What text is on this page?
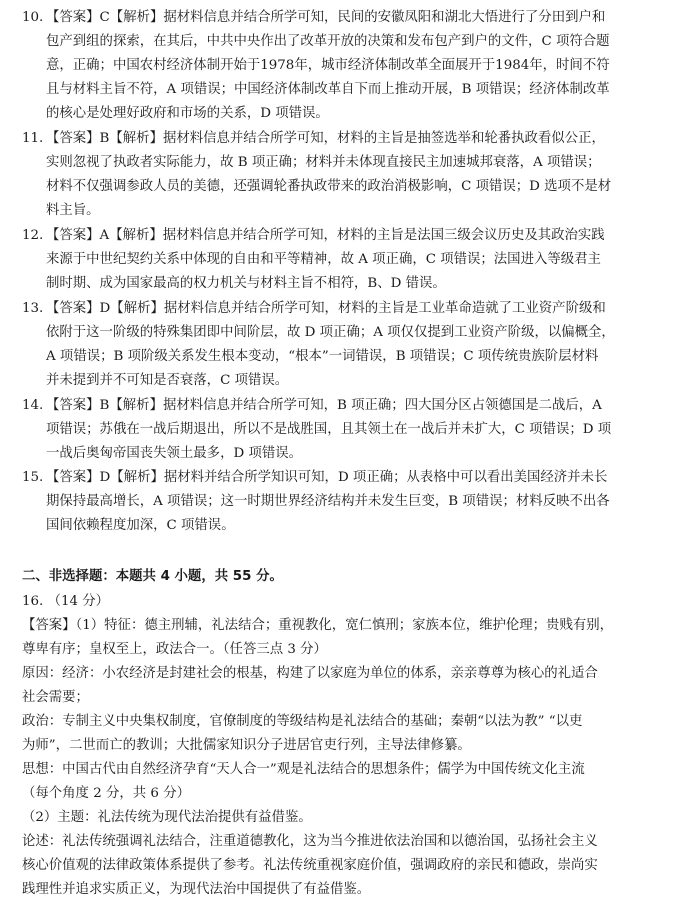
10. 【答案】C【解析】据材料信息并结合所学可知，民间的安徽凤阳和湖北大悟进行了分田到户和
包产到组的探索，在其后，中共中央作出了改革开放的决策和发布包产到户的文件，C 项符合题
意，正确；中国农村经济体制开始于1978年，城市经济体制改革全面展开于1984年，时间不符
且与材料主旨不符，A 项错误；中国经济体制改革自下而上推动开展，B 项错误；经济体制改革
的核心是处理好政府和市场的关系，D 项错误。
11. 【答案】B【解析】据材料信息并结合所学可知，材料的主旨是抽签选举和轮番执政看似公正，
实则忽视了执政者实际能力，故 B 项正确；材料并未体现直接民主加速城邦衰落，A 项错误；
材料不仅强调参政人员的美德，还强调轮番执政带来的政治消极影响，C 项错误；D 选项不是材
料主旨。
12. 【答案】A【解析】据材料信息并结合所学可知，材料的主旨是法国三级会议历史及其政治实践
来源于中世纪契约关系中体现的自由和平等精神，故 A 项正确，C 项错误；法国进入等级君主
制时期、成为国家最高的权力机关与材料主旨不相符，B、D 错误。
13. 【答案】D【解析】据材料信息并结合所学可知，材料的主旨是工业革命造就了工业资产阶级和
依附于这一阶级的特殊集团即中间阶层，故 D 项正确；A 项仅仅提到工业资产阶级，以偏概全，
A 项错误；B 项阶级关系发生根本变动，“根本”一词错误，B 项错误；C 项传统贵族阶层材料
并未提到并不可知是否衰落，C 项错误。
14. 【答案】B【解析】据材料信息并结合所学可知，B 项正确；四大国分区占领德国是二战后，A
项错误；苏俄在一战后期退出，所以不是战胜国，且其领土在一战后并未扩大，C 项错误；D 项
一战后奥匈帝国丧失领土最多，D 项错误。
15. 【答案】D【解析】据材料并结合所学知识可知，D 项正确；从表格中可以看出美国经济并未长
期保持最高增长，A 项错误；这一时期世界经济结构并未发生巨变，B 项错误；材料反映不出各
国间依赖程度加深，C 项错误。
二、非选择题：本题共 4 小题，共 55 分。
16. （14 分）
【答案】（1）特征：德主刑辅，礼法结合；重视教化，宽仁慎刑；家族本位，维护伦理；贵贱有别，
尊卑有序；皇权至上，政法合一。（任答三点 3 分）
原因：经济：小农经济是封建社会的根基，构建了以家庭为单位的体系，亲亲尊尊为核心的礼适合
社会需要；
政治：专制主义中央集权制度，官僚制度的等级结构是礼法结合的基础；秦朝“以法为教” “以吏
为师”，二世而亡的教训；大批儒家知识分子进居官吏行列，主导法律修纂。
思想：中国古代由自然经济孕育“天人合一”观是礼法结合的思想条件；儒学为中国传统文化主流
（每个角度 2 分，共 6 分）
（2）主题：礼法传统为现代法治提供有益借鉴。
论述：礼法传统强调礼法结合，注重道德教化，这为当今推进依法治国和以德治国，弘扬社会主义
核心价值观的法律政策体系提供了参考。礼法传统重视家庭价值，强调政府的亲民和德政，崇尚实
践理性并追求实质正义，为现代法治中国提供了有益借鉴。
